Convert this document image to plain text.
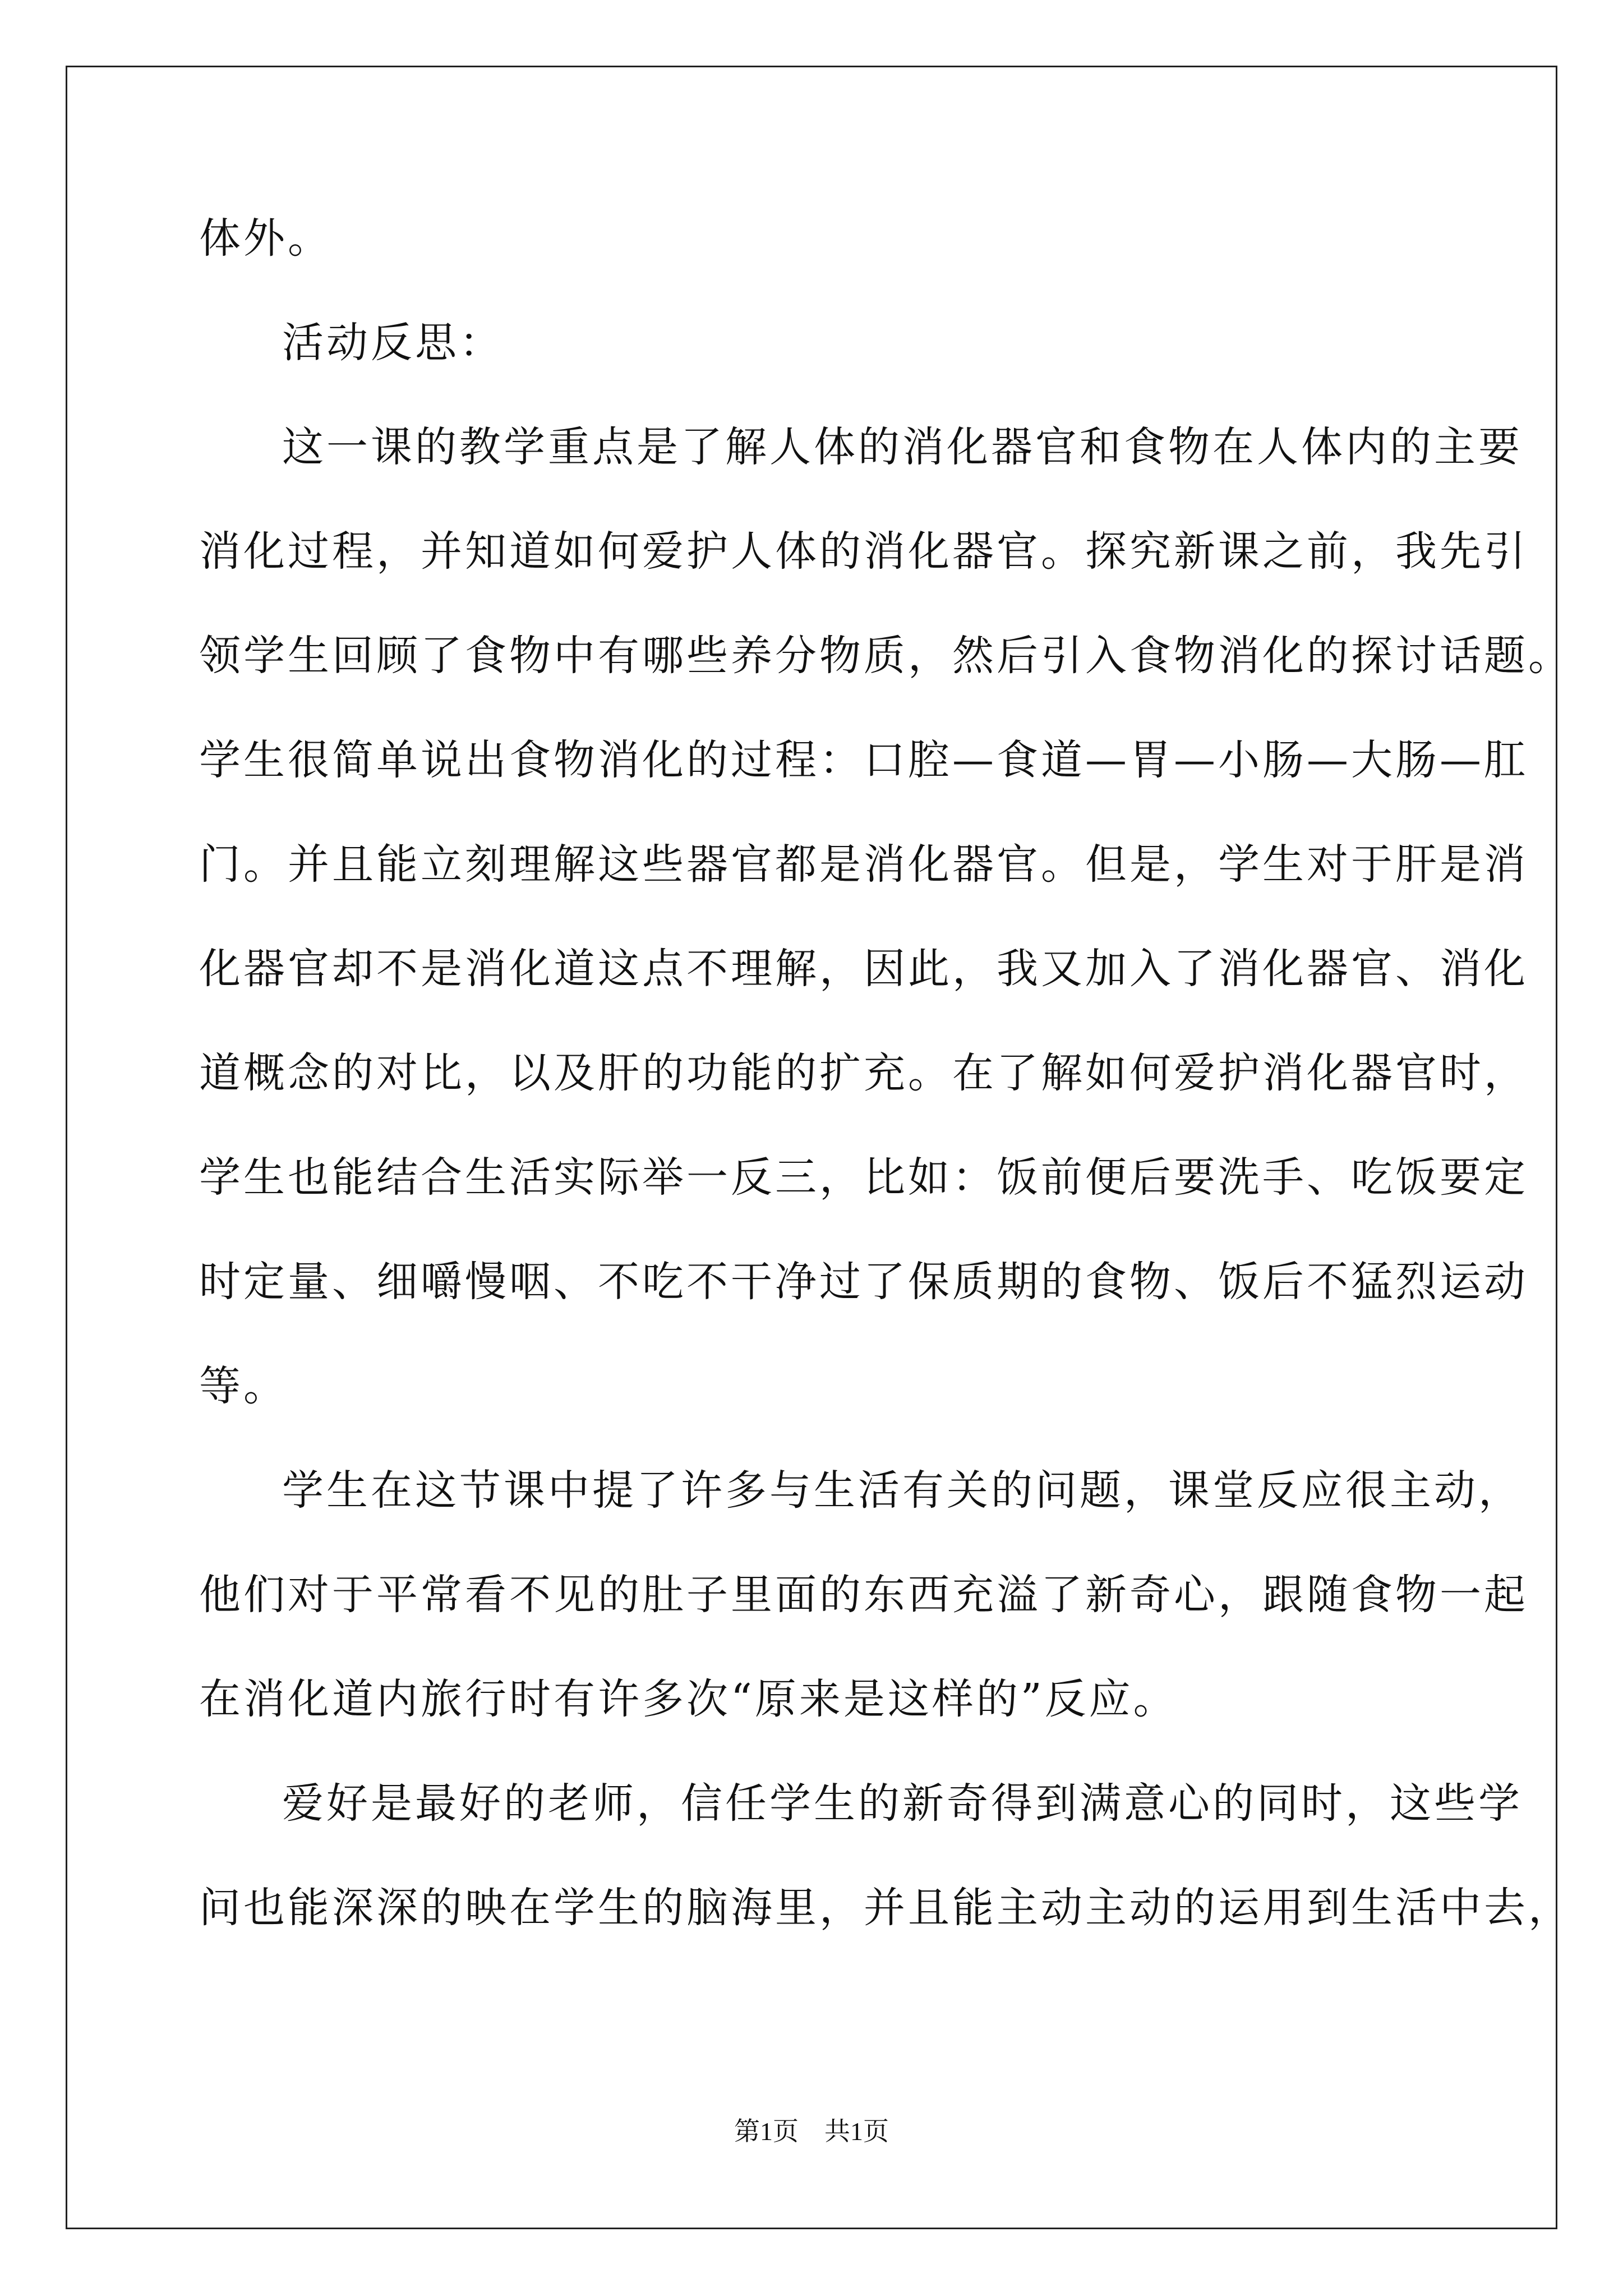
体外。
活动反思：
这一课的教学重点是了解人体的消化器官和食物在人体内的主要
消化过程，并知道如何爱护人体的消化器官。探究新课之前，我先引
领学生回顾了食物中有哪些养分物质，然后引入食物消化的探讨话题。
学生很简单说出食物消化的过程：口腔—食道—胃—小肠—大肠—肛
门。并且能立刻理解这些器官都是消化器官。但是，学生对于肝是消
化器官却不是消化道这点不理解，因此，我又加入了消化器官、消化
道概念的对比，以及肝的功能的扩充。在了解如何爱护消化器官时，
学生也能结合生活实际举一反三，比如：饭前便后要洗手、吃饭要定
时定量、细嚼慢咽、不吃不干净过了保质期的食物、饭后不猛烈运动
等。
学生在这节课中提了许多与生活有关的问题，课堂反应很主动，
他们对于平常看不见的肚子里面的东西充溢了新奇心，跟随食物一起
在消化道内旅行时有许多次“原来是这样的”反应。
爱好是最好的老师，信任学生的新奇得到满意心的同时，这些学
问也能深深的映在学生的脑海里，并且能主动主动的运用到生活中去，
第1页　共1页
